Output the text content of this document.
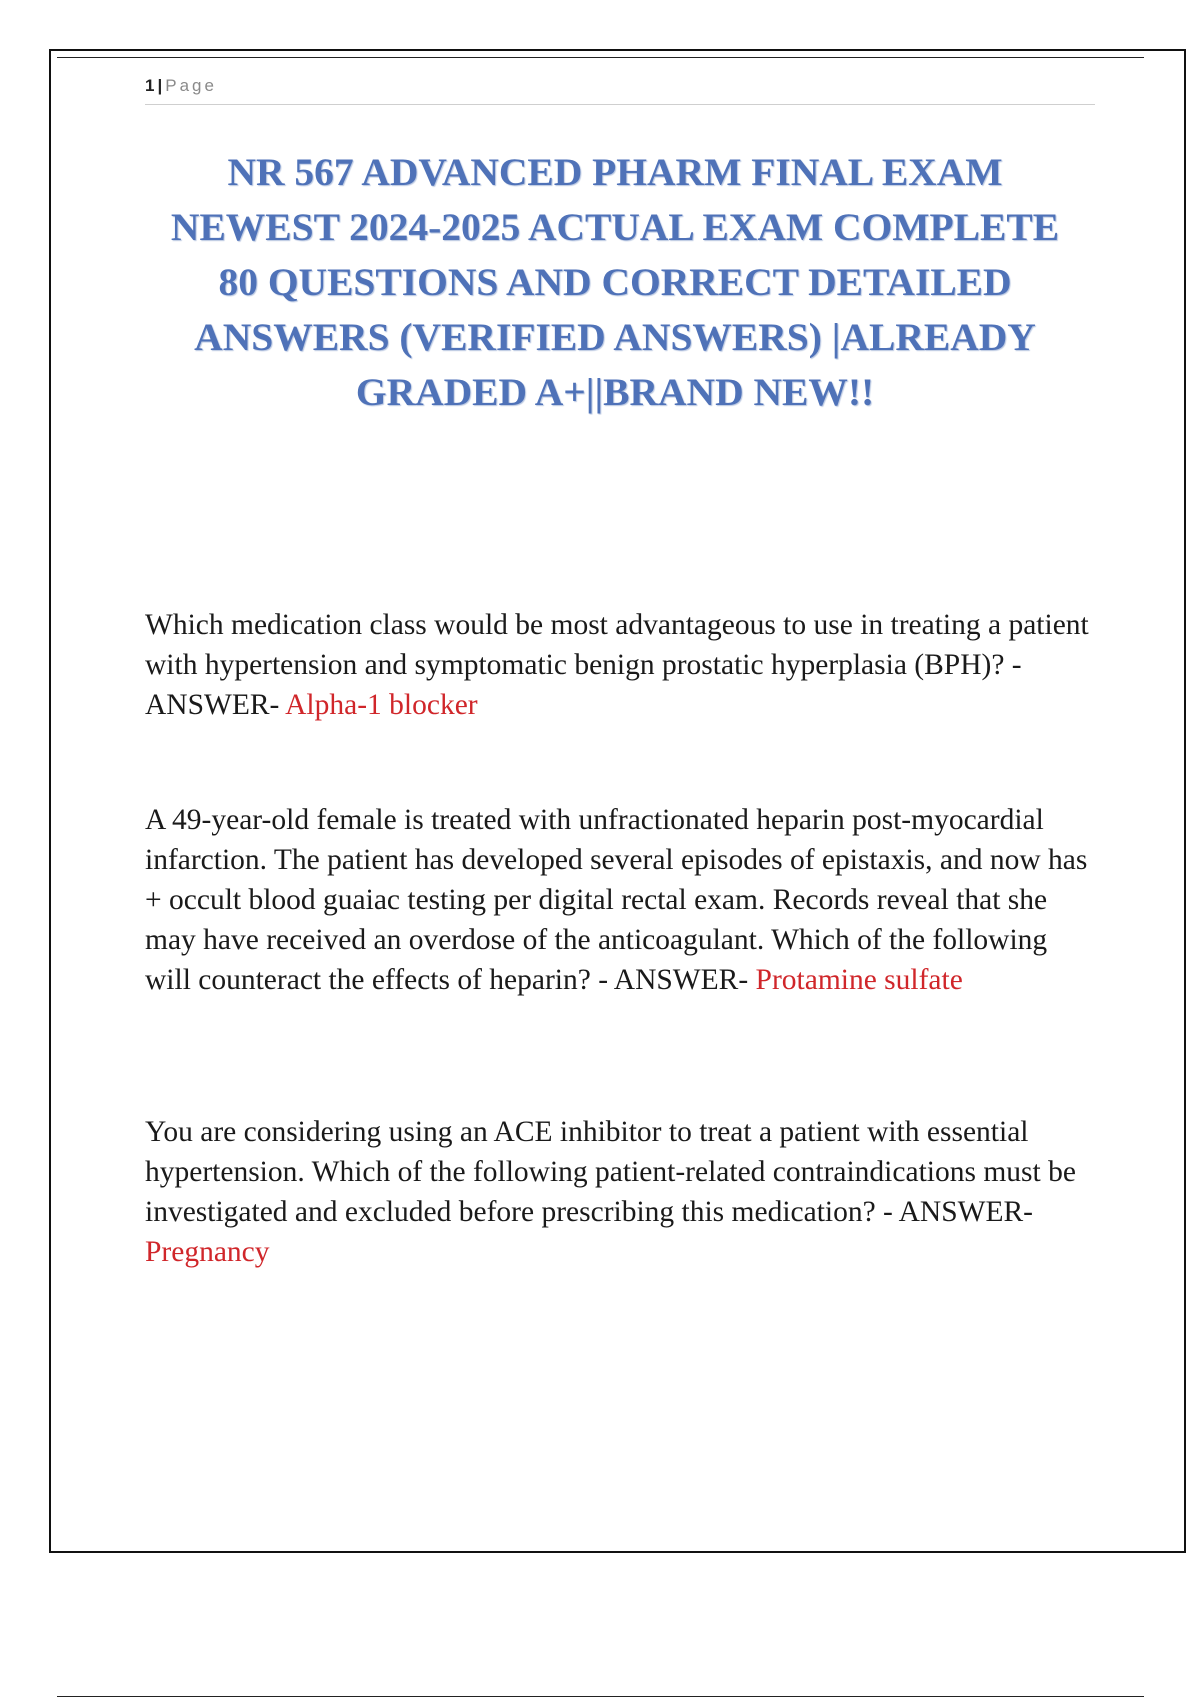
1 | Page
NR 567 ADVANCED PHARM FINAL EXAM
NEWEST 2024-2025 ACTUAL EXAM COMPLETE
80 QUESTIONS AND CORRECT DETAILED
ANSWERS (VERIFIED ANSWERS) |ALREADY
GRADED A+||BRAND NEW!!

Which medication class would be most advantageous to use in treating a patient with hypertension and symptomatic benign prostatic hyperplasia (BPH)? - ANSWER- Alpha-1 blocker

A 49-year-old female is treated with unfractionated heparin post-myocardial infarction. The patient has developed several episodes of epistaxis, and now has + occult blood guaiac testing per digital rectal exam. Records reveal that she may have received an overdose of the anticoagulant. Which of the following will counteract the effects of heparin? - ANSWER- Protamine sulfate

You are considering using an ACE inhibitor to treat a patient with essential hypertension. Which of the following patient-related contraindications must be investigated and excluded before prescribing this medication? - ANSWER- Pregnancy
